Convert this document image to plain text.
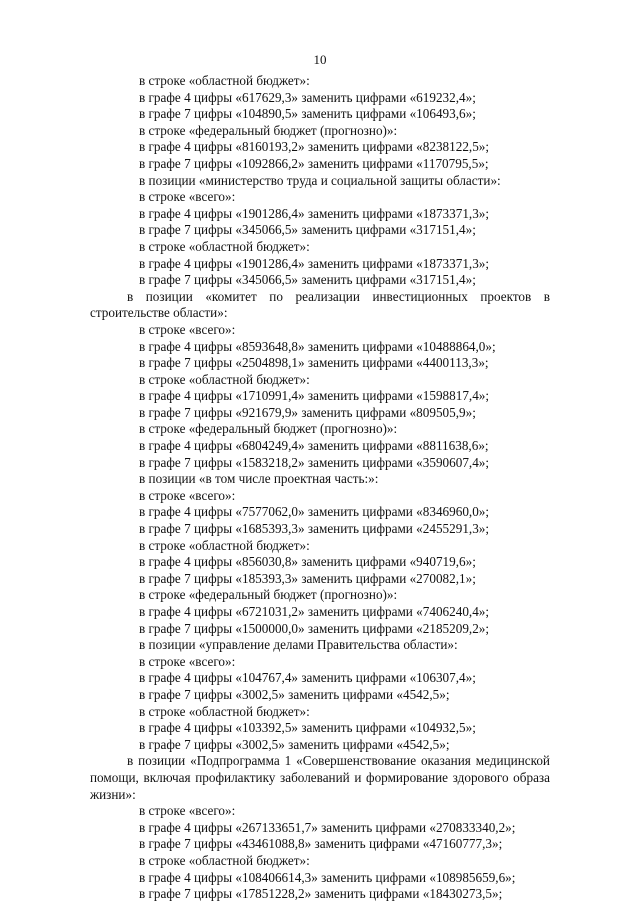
10
в строке «областной бюджет»:
в графе 4 цифры «617629,3» заменить цифрами «619232,4»;
в графе 7 цифры «104890,5» заменить цифрами «106493,6»;
в строке «федеральный бюджет (прогнозно)»:
в графе 4 цифры «8160193,2» заменить цифрами «8238122,5»;
в графе 7 цифры «1092866,2» заменить цифрами «1170795,5»;
в позиции «министерство труда и социальной защиты области»:
в строке «всего»:
в графе 4 цифры «1901286,4» заменить цифрами «1873371,3»;
в графе 7 цифры «345066,5» заменить цифрами «317151,4»;
в строке «областной бюджет»:
в графе 4 цифры «1901286,4» заменить цифрами «1873371,3»;
в графе 7 цифры «345066,5» заменить цифрами «317151,4»;
в позиции «комитет по реализации инвестиционных проектов в строительстве области»:
в строке «всего»:
в графе 4 цифры «8593648,8» заменить цифрами «10488864,0»;
в графе 7 цифры «2504898,1» заменить цифрами «4400113,3»;
в строке «областной бюджет»:
в графе 4 цифры «1710991,4» заменить цифрами «1598817,4»;
в графе 7 цифры «921679,9» заменить цифрами «809505,9»;
в строке «федеральный бюджет (прогнозно)»:
в графе 4 цифры «6804249,4» заменить цифрами «8811638,6»;
в графе 7 цифры «1583218,2» заменить цифрами «3590607,4»;
в позиции «в том числе проектная часть:»:
в строке «всего»:
в графе 4 цифры «7577062,0» заменить цифрами «8346960,0»;
в графе 7 цифры «1685393,3» заменить цифрами «2455291,3»;
в строке «областной бюджет»:
в графе 4 цифры «856030,8» заменить цифрами «940719,6»;
в графе 7 цифры «185393,3» заменить цифрами «270082,1»;
в строке «федеральный бюджет (прогнозно)»:
в графе 4 цифры «6721031,2» заменить цифрами «7406240,4»;
в графе 7 цифры «1500000,0» заменить цифрами «2185209,2»;
в позиции «управление делами Правительства области»:
в строке «всего»:
в графе 4 цифры «104767,4» заменить цифрами «106307,4»;
в графе 7 цифры «3002,5» заменить цифрами «4542,5»;
в строке «областной бюджет»:
в графе 4 цифры «103392,5» заменить цифрами «104932,5»;
в графе 7 цифры «3002,5» заменить цифрами «4542,5»;
в позиции «Подпрограмма 1 «Совершенствование оказания медицинской помощи, включая профилактику заболеваний и формирование здорового образа жизни»:
в строке «всего»:
в графе 4 цифры «267133651,7» заменить цифрами «270833340,2»;
в графе 7 цифры «43461088,8» заменить цифрами «47160777,3»;
в строке «областной бюджет»:
в графе 4 цифры «108406614,3» заменить цифрами «108985659,6»;
в графе 7 цифры «17851228,2» заменить цифрами «18430273,5»;
